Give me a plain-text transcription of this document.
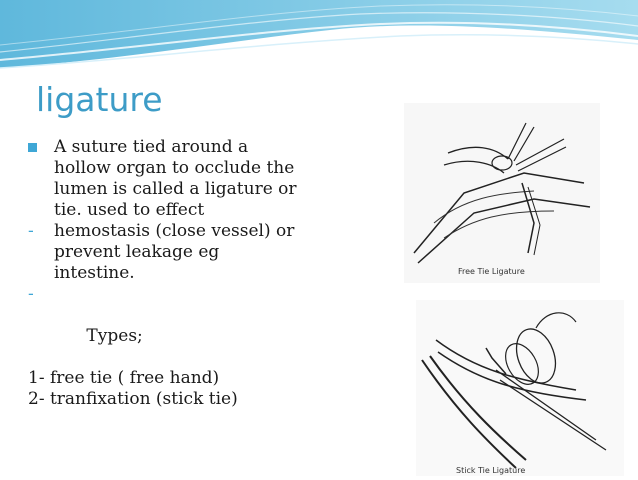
ligature
A suture tied around a hollow organ to occlude the lumen is called a ligature or tie. used to effect
- hemostasis (close vessel) or prevent leakage eg intestine.

-

Types;

1- free tie ( free hand)
2- tranfixation (stick tie)
Free Tie Ligature
Stick Tie Ligature
